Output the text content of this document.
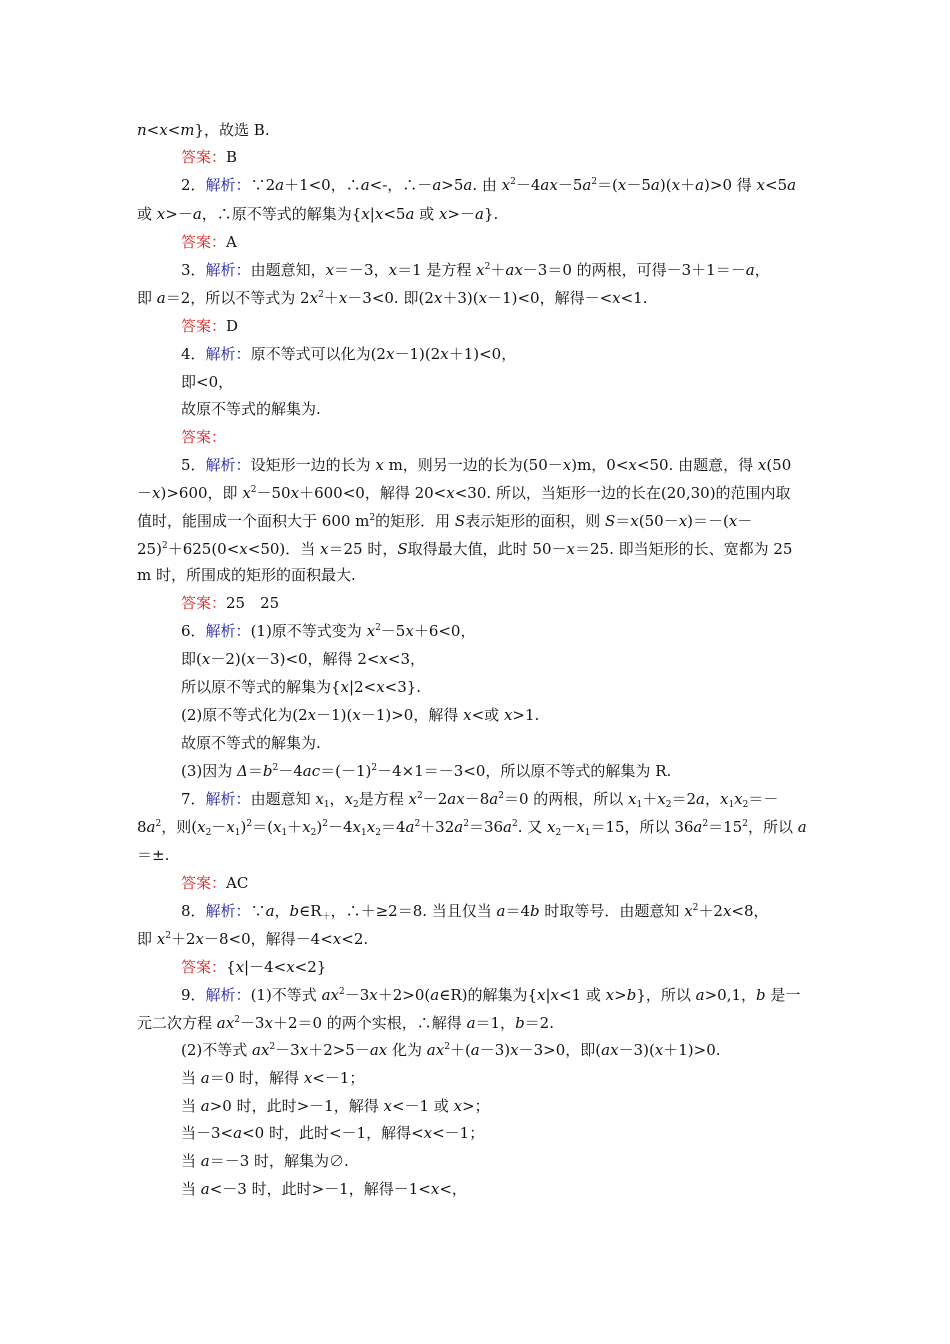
n<x<m}，故选 B.
答案：B
2．解析：∵2a＋1<0，∴a<-，∴－a>5a. 由 $x^2-4ax-5a^2=(x-5a)(x+a)>0$ 得 x<5a
或 x>－a，∴原不等式的解集为{x|x<5a 或 x>－a}.
答案：A
3．解析：由题意知，x＝－3，x＝1 是方程 $x^2+ax-3=0$ 的两根，可得－3＋1＝－a，
即 a＝2，所以不等式为 $2x^2+x-3<0$. 即(2x＋3)(x－1)<0，解得－<x<1.
答案：D
4．解析：原不等式可以化为(2x－1)(2x＋1)<0，
即<0，
故原不等式的解集为.
答案：
5．解析：设矩形一边的长为 x m，则另一边的长为(50－x)m，0<x<50. 由题意，得 x(50
－x)>600，即 $x^2-50x+600<0$，解得 20<x<30. 所以，当矩形一边的长在(20,30)的范围内取
值时，能围成一个面积大于 600 $m^2$的矩形．用 S表示矩形的面积，则 S＝x(50－x)＝－(x－
25)$^2$＋625(0<x<50)．当 x＝25 时，S取得最大值，此时 50－x＝25. 即当矩形的长、宽都为 25
m 时，所围成的矩形的面积最大.
答案：25　25
6．解析：(1)原不等式变为 $x^2-5x+6<0$，
即(x－2)(x－3)<0，解得 2<x<3，
所以原不等式的解集为{x|2<x<3}.
(2)原不等式化为(2x－1)(x－1)>0，解得 x<或 x>1.
故原不等式的解集为.
(3)因为 $\Delta=b^2-4ac=(-1)^2-4\times 1=-3<0$，所以原不等式的解集为 R.
7．解析：由题意知 $x_1$，$x_2$是方程 $x^2-2ax-8a^2=0$ 的两根，所以 $x_1+x_2=2a$，$x_1x_2=-$
$8a^2$，则$(x_2-x_1)^2=(x_1+x_2)^2-4x_1x_2=4a^2+32a^2=36a^2$. 又 $x_2-x_1=15$，所以 $36a^2=15^2$，所以 a
＝±.
答案：AC
8．解析：∵a，$b\in R_+$，∴＋≥2＝8. 当且仅当 a＝4b 时取等号．由题意知 $x^2+2x<8$，
即 $x^2+2x-8<0$，解得－4<x<2.
答案：{x|－4<x<2}
9．解析：(1)不等式 $ax^2-3x+2>0(a\in R)$的解集为{x|x<1 或 x>b}，所以 a>0,1，b 是一
元二次方程 $ax^2-3x+2=0$ 的两个实根，∴解得 a＝1，b＝2.
(2)不等式 $ax^2-3x+2>5-ax$ 化为 $ax^2+(a-3)x-3>0$，即(ax－3)(x＋1)>0.
当 a＝0 时，解得 x<－1；
当 a>0 时，此时>－1，解得 x<－1 或 x>；
当－3<a<0 时，此时<－1，解得<x<－1；
当 a＝－3 时，解集为∅.
当 a<－3 时，此时>－1，解得－1<x<，
